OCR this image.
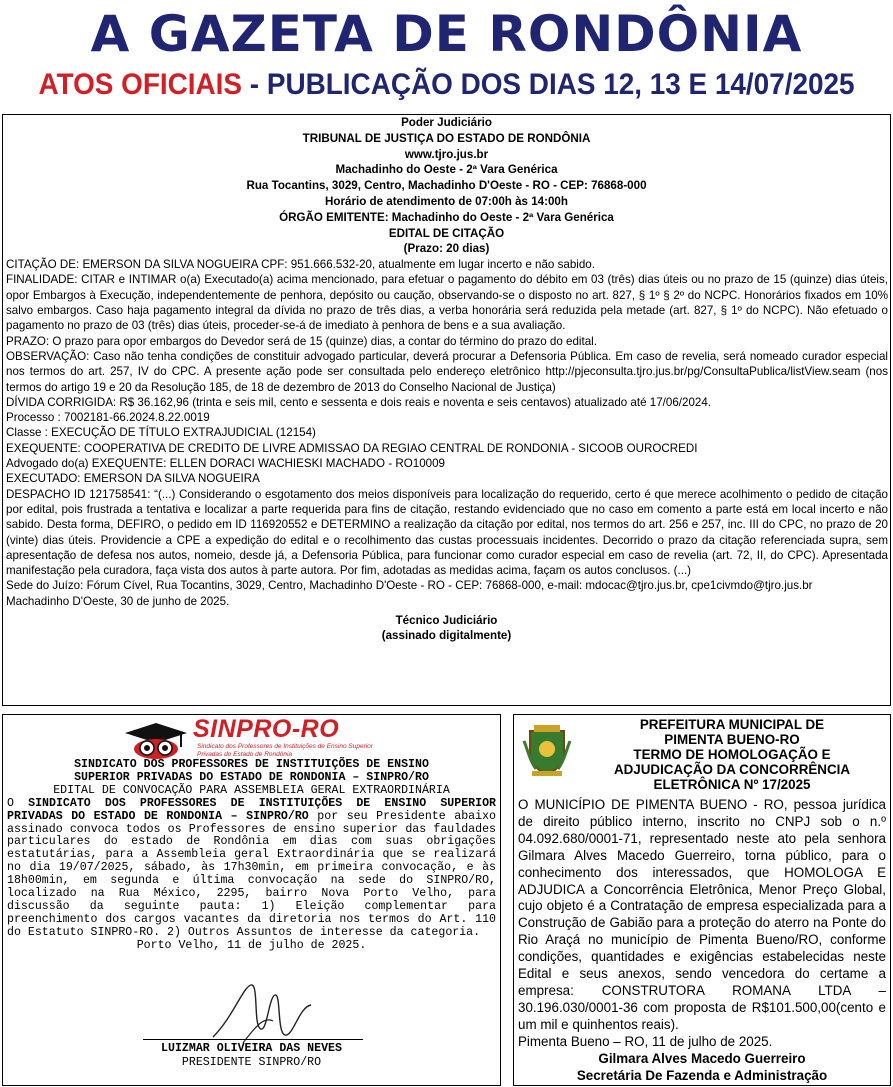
A GAZETA DE RONDÔNIA
ATOS OFICIAIS - PUBLICAÇÃO DOS DIAS 12, 13 E 14/07/2025
Poder Judiciário
TRIBUNAL DE JUSTIÇA DO ESTADO DE RONDÔNIA
www.tjro.jus.br
Machadinho do Oeste - 2ª Vara Genérica
Rua Tocantins, 3029, Centro, Machadinho D'Oeste - RO - CEP: 76868-000
Horário de atendimento de 07:00h às 14:00h
ÓRGÃO EMITENTE: Machadinho do Oeste - 2ª Vara Genérica
EDITAL DE CITAÇÃO
(Prazo: 20 dias)

CITAÇÃO DE: EMERSON DA SILVA NOGUEIRA CPF: 951.666.532-20, atualmente em lugar incerto e não sabido.

FINALIDADE: CITAR e INTIMAR o(a) Executado(a) acima mencionado, para efetuar o pagamento do débito em 03 (três) dias úteis ou no prazo de 15 (quinze) dias úteis, opor Embargos à Execução, independentemente de penhora, depósito ou caução, observando-se o disposto no art. 827, § 1º § 2º do NCPC. Honorários fixados em 10% salvo embargos. Caso haja pagamento integral da dívida no prazo de três dias, a verba honorária será reduzida pela metade (art. 827, § 1º do NCPC). Não efetuado o pagamento no prazo de 03 (três) dias úteis, proceder-se-á de imediato à penhora de bens e a sua avaliação.

PRAZO: O prazo para opor embargos do Devedor será de 15 (quinze) dias, a contar do término do prazo do edital.

OBSERVAÇÃO: Caso não tenha condições de constituir advogado particular, deverá procurar a Defensoria Pública. Em caso de revelia, será nomeado curador especial nos termos do art. 257, IV do CPC. A presente ação pode ser consultada pelo endereço eletrônico http://pjeconsulta.tjro.jus.br/pg/ConsultaPublica/listView.seam (nos termos do artigo 19 e 20 da Resolução 185, de 18 de dezembro de 2013 do Conselho Nacional de Justiça)

DÍVIDA CORRIGIDA: R$ 36.162,96 (trinta e seis mil, cento e sessenta e dois reais e noventa e seis centavos) atualizado até 17/06/2024.

Processo : 7002181-66.2024.8.22.0019

Classe : EXECUÇÃO DE TÍTULO EXTRAJUDICIAL (12154)

EXEQUENTE: COOPERATIVA DE CREDITO DE LIVRE ADMISSAO DA REGIAO CENTRAL DE RONDONIA - SICOOB OUROCREDI

Advogado do(a) EXEQUENTE: ELLEN DORACI WACHIESKI MACHADO - RO10009

EXECUTADO: EMERSON DA SILVA NOGUEIRA

DESPACHO ID 121758541: “(...) Considerando o esgotamento dos meios disponíveis para localização do requerido, certo é que merece acolhimento o pedido de citação por edital, pois frustrada a tentativa e localizar a parte requerida para fins de citação, restando evidenciado que no caso em comento a parte está em local incerto e não sabido. Desta forma, DEFIRO, o pedido em ID 116920552 e DETERMINO a realização da citação por edital, nos termos do art. 256 e 257, inc. III do CPC, no prazo de 20 (vinte) dias úteis. Providencie a CPE a expedição do edital e o recolhimento das custas processuais incidentes. Decorrido o prazo da citação referenciada supra, sem apresentação de defesa nos autos, nomeio, desde já, a Defensoria Pública, para funcionar como curador especial em caso de revelia (art. 72, II, do CPC). Apresentada manifestação pela curadora, faça vista dos autos à parte autora. Por fim, adotadas as medidas acima, façam os autos conclusos. (...)

Sede do Juízo: Fórum Cível, Rua Tocantins, 3029, Centro, Machadinho D'Oeste - RO - CEP: 76868-000, e-mail: mdocac@tjro.jus.br, cpe1civmdo@tjro.jus.br

Machadinho D'Oeste, 30 de junho de 2025.

Técnico Judiciário
(assinado digitalmente)
SINPRO-RO
Sindicato dos Professores de Instituições de Ensino Superior Privadas do Estado de Rondônia
SINDICATO DOS PROFESSORES DE INSTITUIÇÕES DE ENSINO SUPERIOR PRIVADAS DO ESTADO DE RONDONIA – SINPRO/RO
EDITAL DE CONVOCAÇÃO PARA ASSEMBLEIA GERAL EXTRAORDINÁRIA
O SINDICATO DOS PROFESSORES DE INSTITUIÇÕES DE ENSINO SUPERIOR PRIVADAS DO ESTADO DE RONDONIA – SINPRO/RO por seu Presidente abaixo assinado convoca todos os Professores de ensino superior das fauldades particulares do estado de Rondônia em dias com suas obrigações estatutárias, para a Assembleia geral Extraordinária que se realizará no dia 19/07/2025, sábado, às 17h30min, em primeira convocação, e às 18h00min, em segunda e última convocação na sede do SINPRO/RO, localizado na Rua México, 2295, bairro Nova Porto Velho, para discussão da seguinte pauta: 1) Eleição complementar para preenchimento dos cargos vacantes da diretoria nos termos do Art. 110 do Estatuto SINPRO-RO. 2) Outros Assuntos de interesse da categoria.
Porto Velho, 11 de julho de 2025.
LUIZMAR OLIVEIRA DAS NEVES
PRESIDENTE SINPRO/RO
PREFEITURA MUNICIPAL DE
PIMENTA BUENO-RO
TERMO DE HOMOLOGAÇÃO E
ADJUDICAÇÃO DA CONCORRÊNCIA
ELETRÔNICA Nº 17/2025
O MUNICÍPIO DE PIMENTA BUENO - RO, pessoa jurídica de direito público interno, inscrito no CNPJ sob o n.º 04.092.680/0001-71, representado neste ato pela senhora Gilmara Alves Macedo Guerreiro, torna público, para o conhecimento dos interessados, que HOMOLOGA E ADJUDICA a Concorrência Eletrônica, Menor Preço Global, cujo objeto é a Contratação de empresa especializada para a Construção de Gabião para a proteção do aterro na Ponte do Rio Araçá no município de Pimenta Bueno/RO, conforme condições, quantidades e exigências estabelecidas neste Edital e seus anexos, sendo vencedora do certame a empresa: CONSTRUTORA ROMANA LTDA – 30.196.030/0001-36 com proposta de R$101.500,00(cento e um mil e quinhentos reais).
Pimenta Bueno – RO, 11 de julho de 2025.
Gilmara Alves Macedo Guerreiro
Secretária De Fazenda e Administração
